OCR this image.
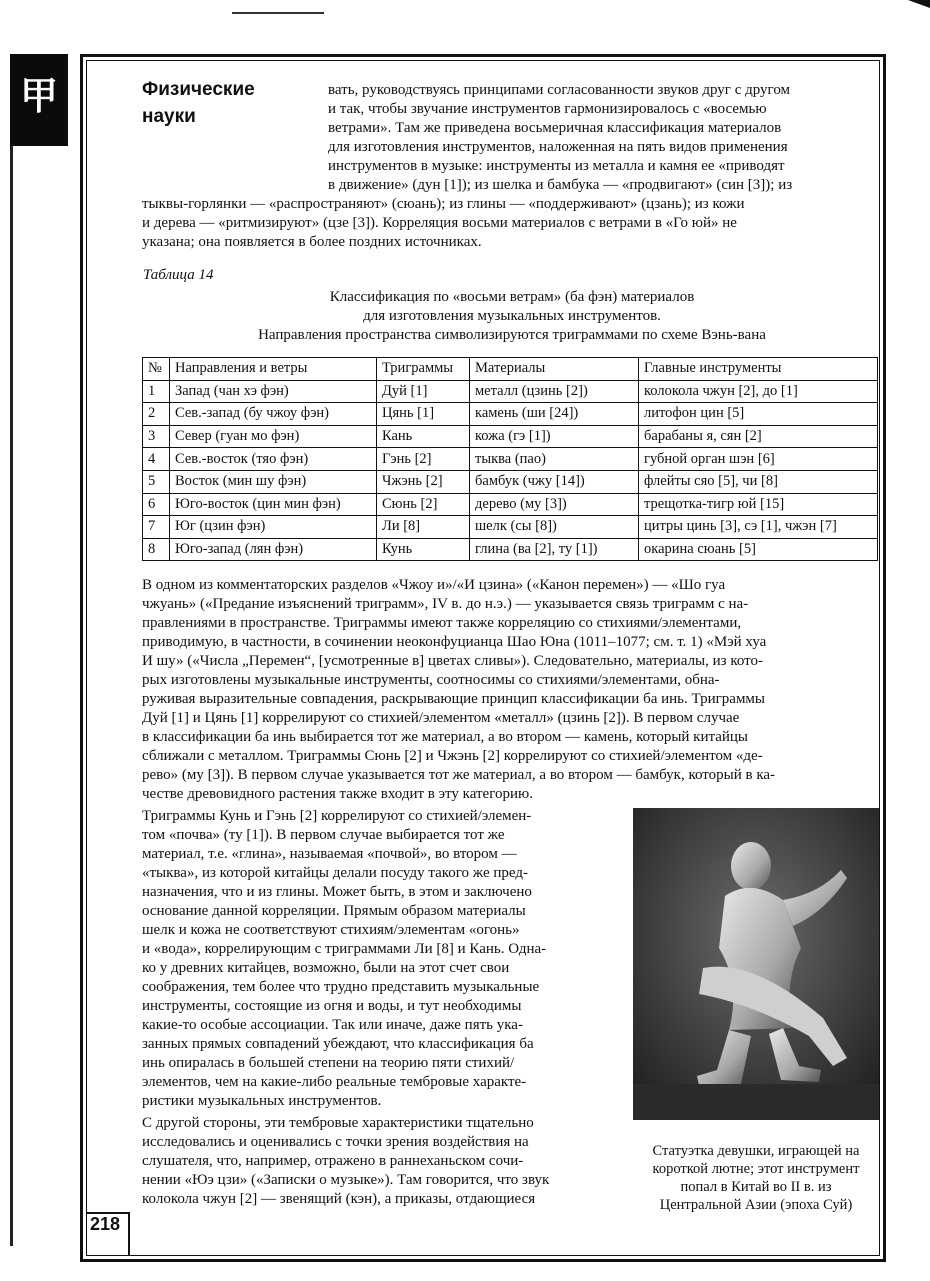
甲
218
Физические
науки
вать, руководствуясь принципами согласованности звуков друг с другом
и так, чтобы звучание инструментов гармонизировалось с «восемью
ветрами». Там же приведена восьмеричная классификация материалов
для изготовления инструментов, наложенная на пять видов применения
инструментов в музыке: инструменты из металла и камня ее «приводят
в движение» (дун [1]); из шелка и бамбука — «продвигают» (син [3]); из
тыквы-горлянки — «распространяют» (сюань); из глины — «поддерживают» (цзань); из кожи
и дерева — «ритмизируют» (цзе [3]). Корреляция восьми материалов с ветрами в «Го юй» не
указана; она появляется в более поздних источниках.
Таблица 14
Классификация по «восьми ветрам» (ба фэн) материалов
для изготовления музыкальных инструментов.
Направления пространства символизируются триграммами по схеме Вэнь-вана
№	Направления и ветры	Триграммы	Материалы	Главные инструменты
1	Запад (чан хэ фэн)	Дуй [1]	металл (цзинь [2])	колокола чжун [2], до [1]
2	Сев.-запад (бу чжоу фэн)	Цянь [1]	камень (ши [24])	литофон цин [5]
3	Север (гуан мо фэн)	Кань	кожа (гэ [1])	барабаны я, сян [2]
4	Сев.-восток (тяо фэн)	Гэнь [2]	тыква (пао)	губной орган шэн [6]
5	Восток (мин шу фэн)	Чжэнь [2]	бамбук (чжу [14])	флейты сяо [5], чи [8]
6	Юго-восток (цин мин фэн)	Сюнь [2]	дерево (му [3])	трещотка-тигр юй [15]
7	Юг (цзин фэн)	Ли [8]	шелк (сы [8])	цитры цинь [3], сэ [1], чжэн [7]
8	Юго-запад (лян фэн)	Кунь	глина (ва [2], ту [1])	окарина сюань [5]
В одном из комментаторских разделов «Чжоу и»/«И цзина» («Канон перемен») — «Шо гуа
чжуань» («Предание изъяснений триграмм», IV в. до н.э.) — указывается связь триграмм с на-
правлениями в пространстве. Триграммы имеют также корреляцию со стихиями/элементами,
приводимую, в частности, в сочинении неоконфуцианца Шао Юна (1011–1077; см. т. 1) «Мэй хуа
И шу» («Числа „Перемен“, [усмотренные в] цветах сливы»). Следовательно, материалы, из кото-
рых изготовлены музыкальные инструменты, соотносимы со стихиями/элементами, обна-
руживая выразительные совпадения, раскрывающие принцип классификации ба инь. Триграммы
Дуй [1] и Цянь [1] коррелируют со стихией/элементом «металл» (цзинь [2]). В первом случае
в классификации ба инь выбирается тот же материал, а во втором — камень, который китайцы
сближали с металлом. Триграммы Сюнь [2] и Чжэнь [2] коррелируют со стихией/элементом «де-
рево» (му [3]). В первом случае указывается тот же материал, а во втором — бамбук, который в ка-
честве древовидного растения также входит в эту категорию.
Триграммы Кунь и Гэнь [2] коррелируют со стихией/элемен-
том «почва» (ту [1]). В первом случае выбирается тот же
материал, т.е. «глина», называемая «почвой», во втором —
«тыква», из которой китайцы делали посуду такого же пред-
назначения, что и из глины. Может быть, в этом и заключено
основание данной корреляции. Прямым образом материалы
шелк и кожа не соответствуют стихиям/элементам «огонь»
и «вода», коррелирующим с триграммами Ли [8] и Кань. Одна-
ко у древних китайцев, возможно, были на этот счет свои
соображения, тем более что трудно представить музыкальные
инструменты, состоящие из огня и воды, и тут необходимы
какие-то особые ассоциации. Так или иначе, даже пять ука-
занных прямых совпадений убеждают, что классификация ба
инь опиралась в большей степени на теорию пяти стихий/
элементов, чем на какие-либо реальные тембровые характе-
ристики музыкальных инструментов.
С другой стороны, эти тембровые характеристики тщательно
исследовались и оценивались с точки зрения воздействия на
слушателя, что, например, отражено в раннеханьском сочи-
нении «Юэ цзи» («Записки о музыке»). Там говорится, что звук
колокола чжун [2] — звенящий (кэн), а приказы, отдающиеся
Статуэтка девушки, играющей на
короткой лютне; этот инструмент
попал в Китай во II в. из
Центральной Азии (эпоха Суй)
